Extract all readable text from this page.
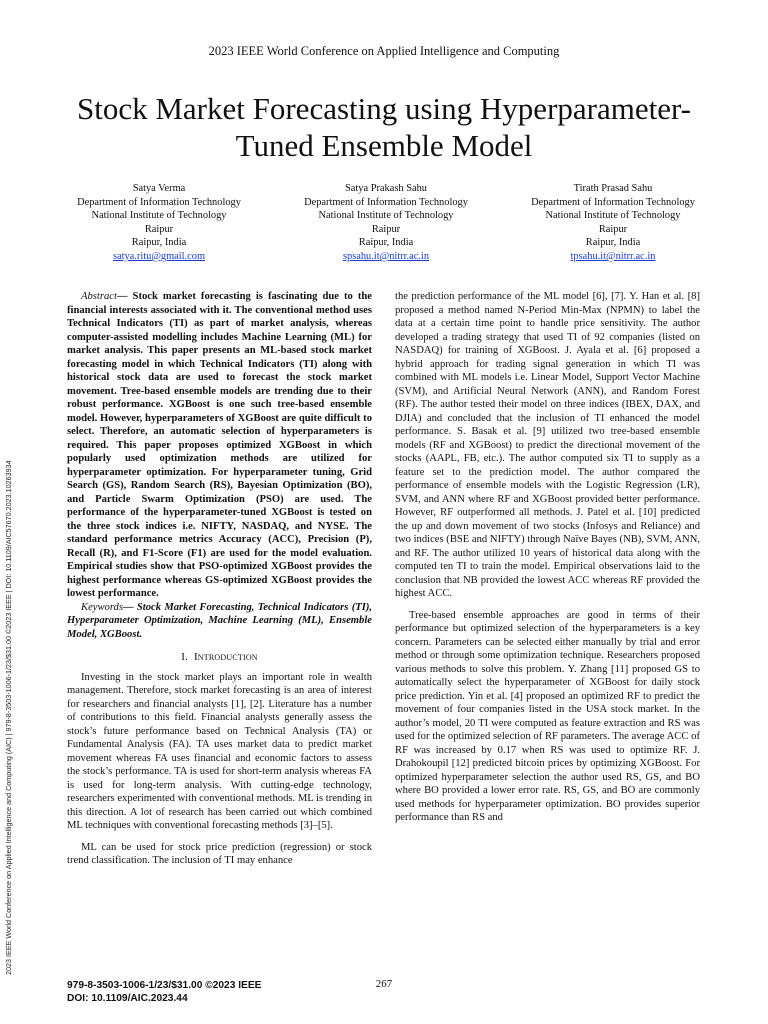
2023 IEEE World Conference on Applied Intelligence and Computing
Stock Market Forecasting using Hyperparameter-Tuned Ensemble Model
Satya Verma
Department of Information Technology
National Institute of Technology
Raipur
Raipur, India
satya.ritu@gmail.com
Satya Prakash Sahu
Department of Information Technology
National Institute of Technology
Raipur
Raipur, India
spsahu.it@nitrr.ac.in
Tirath Prasad Sahu
Department of Information Technology
National Institute of Technology
Raipur
Raipur, India
tpsahu.it@nitrr.ac.in
2023 IEEE World Conference on Applied Intelligence and Computing (AIC) | 979-8-3503-1006-1/23/$31.00 ©2023 IEEE | DOI: 10.1109/AIC57670.2023.10263934

Abstract— Stock market forecasting is fascinating due to the financial interests associated with it. The conventional method uses Technical Indicators (TI) as part of market analysis, whereas computer-assisted modelling includes Machine Learning (ML) for market analysis. This paper presents an ML-based stock market forecasting model in which Technical Indicators (TI) along with historical stock data are used to forecast the stock market movement. Tree-based ensemble models are trending due to their robust performance. XGBoost is one such tree-based ensemble model. However, hyperparameters of XGBoost are quite difficult to select. Therefore, an automatic selection of hyperparameters is required. This paper proposes optimized XGBoost in which popularly used optimization methods are utilized for hyperparameter optimization. For hyperparameter tuning, Grid Search (GS), Random Search (RS), Bayesian Optimization (BO), and Particle Swarm Optimization (PSO) are used. The performance of the hyperparameter-tuned XGBoost is tested on the three stock indices i.e. NIFTY, NASDAQ, and NYSE. The standard performance metrics Accuracy (ACC), Precision (P), Recall (R), and F1-Score (F1) are used for the model evaluation. Empirical studies show that PSO-optimized XGBoost provides the highest performance whereas GS-optimized XGBoost provides the lowest performance.

Keywords— Stock Market Forecasting, Technical Indicators (TI), Hyperparameter Optimization, Machine Learning (ML), Ensemble Model, XGBoost.

I. Introduction

Investing in the stock market plays an important role in wealth management. Therefore, stock market forecasting is an area of interest for researchers and financial analysts [1], [2]. Literature has a number of contributions to this field. Financial analysts generally assess the stock’s future performance based on Technical Analysis (TA) or Fundamental Analysis (FA). TA uses market data to predict market movement whereas FA uses financial and economic factors to assess the stock’s performance. TA is used for short-term analysis whereas FA is used for long-term analysis. With cutting-edge technology, researchers experimented with conventional methods. ML is trending in this direction. A lot of research has been carried out which combined ML techniques with conventional forecasting methods [3]–[5].

ML can be used for stock price prediction (regression) or stock trend classification. The inclusion of TI may enhance

the prediction performance of the ML model [6], [7]. Y. Han et al. [8] proposed a method named N-Period Min-Max (NPMN) to label the data at a certain time point to handle price sensitivity. The author developed a trading strategy that used TI of 92 companies (listed on NASDAQ) for training of XGBoost. J. Ayala et al. [6] proposed a hybrid approach for trading signal generation in which TI was combined with ML models i.e. Linear Model, Support Vector Machine (SVM), and Artificial Neural Network (ANN), and Random Forest (RF). The author tested their model on three indices (IBEX, DAX, and DJIA) and concluded that the inclusion of TI enhanced the model performance. S. Basak et al. [9] utilized two tree-based ensemble models (RF and XGBoost) to predict the directional movement of the stocks (AAPL, FB, etc.). The author computed six TI to supply as a feature set to the prediction model. The author compared the performance of ensemble models with the Logistic Regression (LR), SVM, and ANN where RF and XGBoost provided better performance. However, RF outperformed all methods. J. Patel et al. [10] predicted the up and down movement of two stocks (Infosys and Reliance) and two indices (BSE and NIFTY) through Naïve Bayes (NB), SVM, ANN, and RF. The author utilized 10 years of historical data along with the computed ten TI to train the model. Empirical observations laid to the conclusion that NB provided the lowest ACC whereas RF provided the highest ACC.

Tree-based ensemble approaches are good in terms of their performance but optimized selection of the hyperparameters is a key concern. Parameters can be selected either manually by trial and error method or through some optimization technique. Researchers proposed various methods to solve this problem. Y. Zhang [11] proposed GS to automatically select the hyperparameter of XGBoost for daily stock price prediction. Yin et al. [4] proposed an optimized RF to predict the movement of four companies listed in the USA stock market. In the author’s model, 20 TI were computed as feature extraction and RS was used for the optimized selection of RF parameters. The average ACC of RF was increased by 0.17 when RS was used to optimize RF. J. Drahokoupil [12] predicted bitcoin prices by optimizing XGBoost. For optimized hyperparameter selection the author used RS, GS, and BO where BO provided a lower error rate. RS, GS, and BO are commonly used methods for hyperparameter optimization. BO provides superior performance than RS and

979-8-3503-1006-1/23/$31.00 ©2023 IEEE
DOI: 10.1109/AIC.2023.44
267
